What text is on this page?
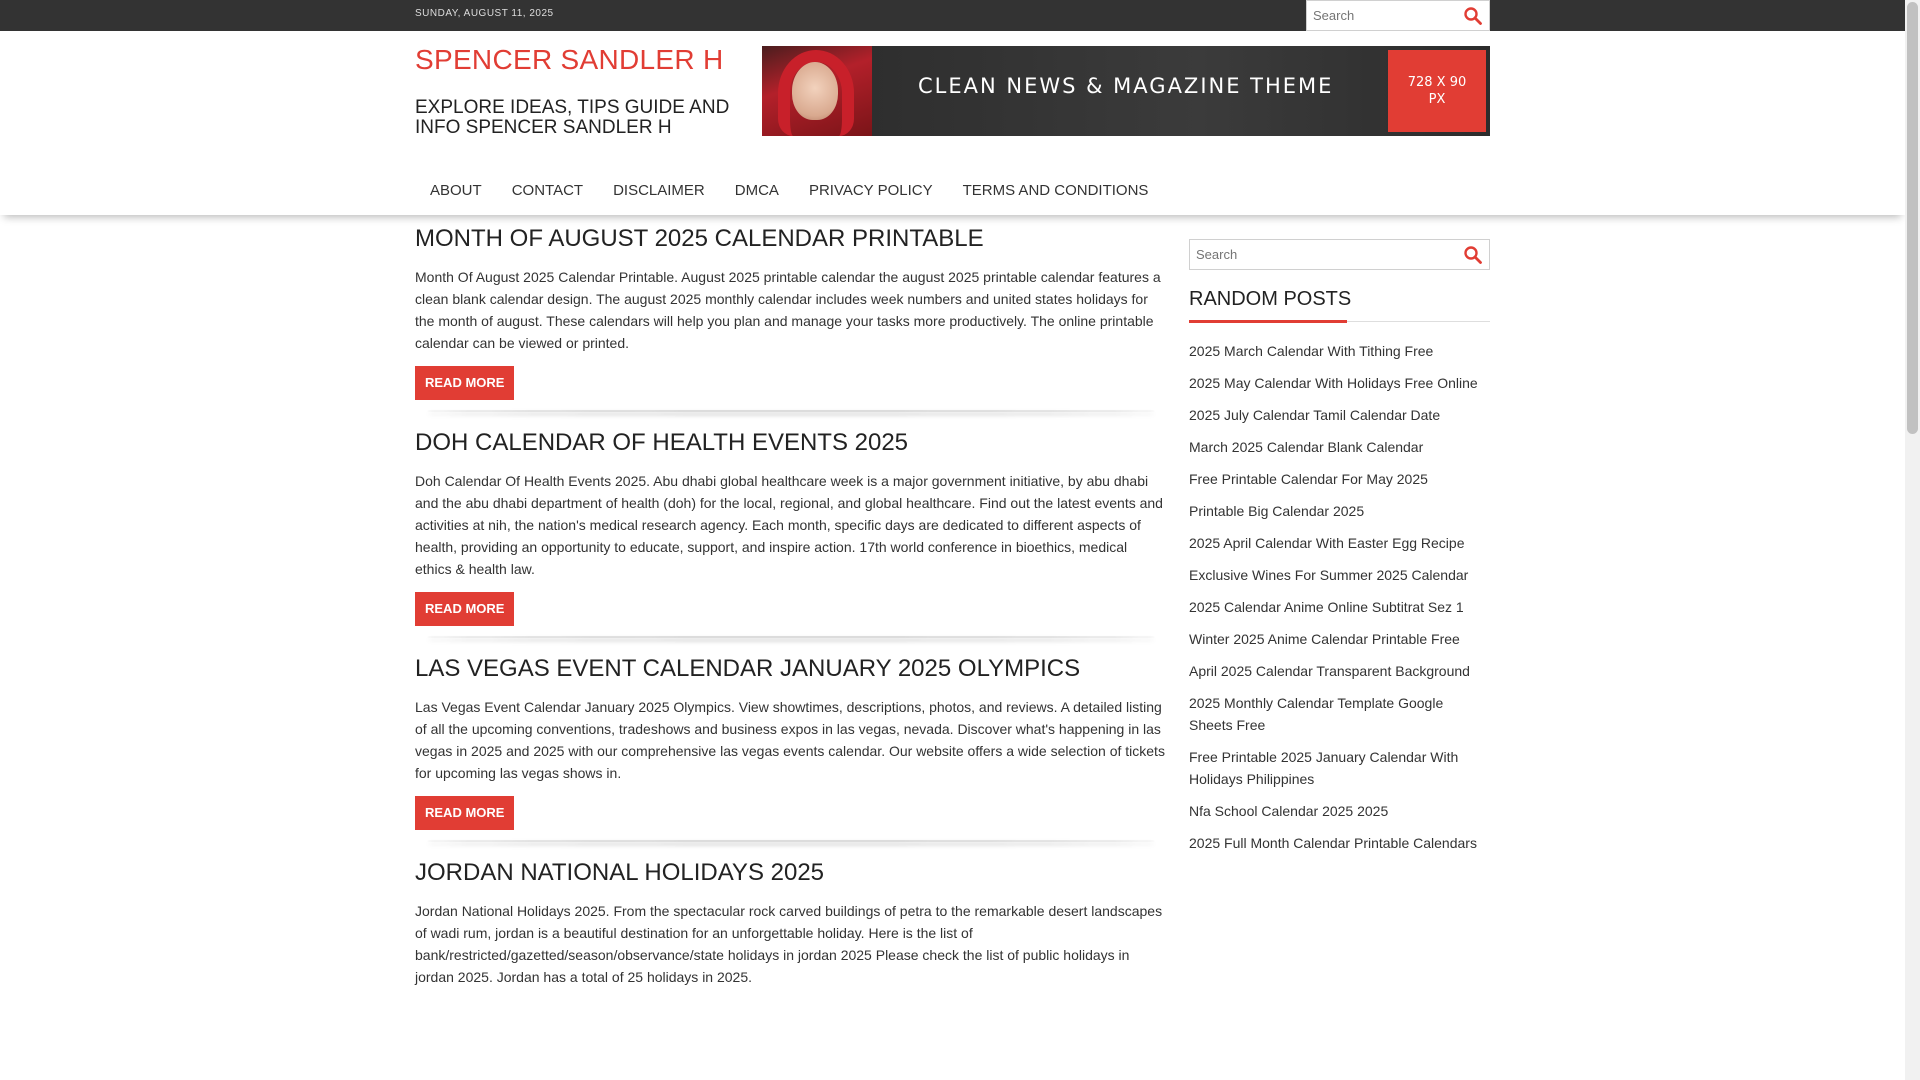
SUNDAY, AUGUST 11, 2025
Search
SPENCER SANDLER H
EXPLORE IDEAS, TIPS GUIDE AND INFO SPENCER SANDLER H
CLEAN NEWS & MAGAZINE THEME	728 X 90 PX
ABOUT	CONTACT	DISCLAIMER	DMCA	PRIVACY POLICY	TERMS AND CONDITIONS
MONTH OF AUGUST 2025 CALENDAR PRINTABLE

Month Of August 2025 Calendar Printable. August 2025 printable calendar the august 2025 printable calendar features a clean blank calendar design. The august 2025 monthly calendar includes week numbers and united states holidays for the month of august. These calendars will help you plan and manage your tasks more productively. The online printable calendar can be viewed or printed.

READ MORE
DOH CALENDAR OF HEALTH EVENTS 2025

Doh Calendar Of Health Events 2025. Abu dhabi global healthcare week is a major government initiative, by abu dhabi and the abu dhabi department of health (doh) for the local, regional, and global healthcare. Find out the latest events and activities at nih, the nation's medical research agency. Each month, specific days are dedicated to different aspects of health, providing an opportunity to educate, support, and inspire action. 17th world conference in bioethics, medical ethics & health law.

READ MORE
LAS VEGAS EVENT CALENDAR JANUARY 2025 OLYMPICS

Las Vegas Event Calendar January 2025 Olympics. View showtimes, descriptions, photos, and reviews. A detailed listing of all the upcoming conventions, tradeshows and business expos in las vegas, nevada. Discover what's happening in las vegas in 2025 and 2025 with our comprehensive las vegas events calendar. Our website offers a wide selection of tickets for upcoming las vegas shows in.

READ MORE
JORDAN NATIONAL HOLIDAYS 2025

Jordan National Holidays 2025. From the spectacular rock carved buildings of petra to the remarkable desert landscapes of wadi rum, jordan is a beautiful destination for an unforgettable holiday. Here is the list of bank/restricted/gazetted/season/observance/state holidays in jordan 2025 Please check the list of public holidays in jordan 2025. Jordan has a total of 25 holidays in 2025.

Search
RANDOM POSTS
2025 March Calendar With Tithing Free
2025 May Calendar With Holidays Free Online
2025 July Calendar Tamil Calendar Date
March 2025 Calendar Blank Calendar
Free Printable Calendar For May 2025
Printable Big Calendar 2025
2025 April Calendar With Easter Egg Recipe
Exclusive Wines For Summer 2025 Calendar
2025 Calendar Anime Online Subtitrat Sez 1
Winter 2025 Anime Calendar Printable Free
April 2025 Calendar Transparent Background
2025 Monthly Calendar Template Google Sheets Free
Free Printable 2025 January Calendar With Holidays Philippines
Nfa School Calendar 2025 2025
2025 Full Month Calendar Printable Calendars
